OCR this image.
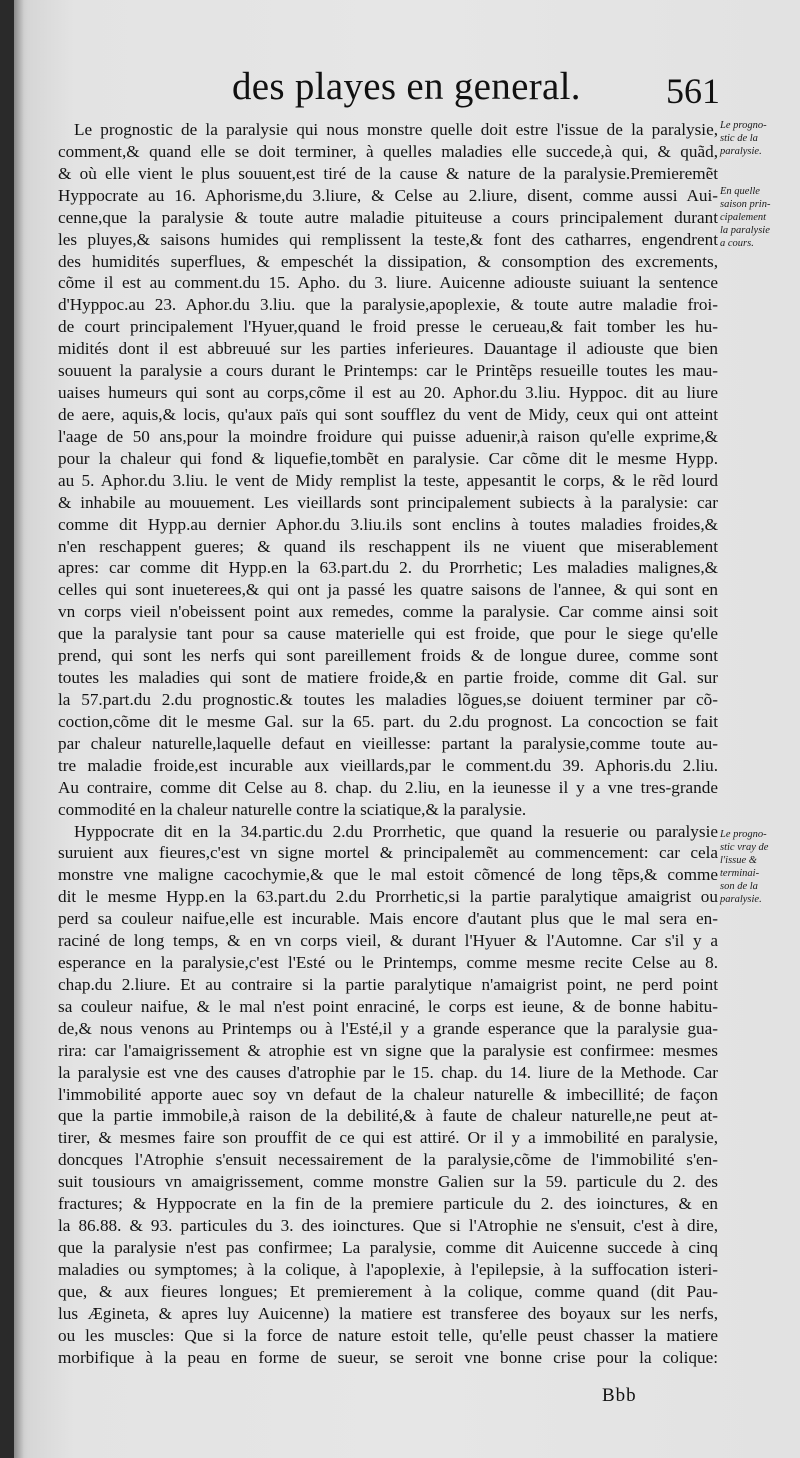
des playes en general. 561

Le prognostic de la paralysie qui nous monstre quelle doit estre l'issue de la paralysie,

comment,& quand elle se doit terminer, à quelles maladies elle succede,à qui, & quãd,

& où elle vient le plus souuent,est tiré de la cause & nature de la paralysie.Premieremẽt

Hyppocrate au 16. Aphorisme,du 3.liure, & Celse au 2.liure, disent, comme aussi Aui-

cenne,que la paralysie & toute autre maladie pituiteuse a cours principalement durant

les pluyes,& saisons humides qui remplissent la teste,& font des catharres, engendrent

des humidités superflues, & empeschét la dissipation, & consomption des excrements,

cõme il est au comment.du 15. Apho. du 3. liure. Auicenne adiouste suiuant la sentence

d'Hyppoc.au 23. Aphor.du 3.liu. que la paralysie,apoplexie, & toute autre maladie froi-

de court principalement l'Hyuer,quand le froid presse le cerueau,& fait tomber les hu-

midités dont il est abbreuué sur les parties inferieures. Dauantage il adiouste que bien

souuent la paralysie a cours durant le Printemps: car le Printẽps resueille toutes les mau-

uaises humeurs qui sont au corps,cõme il est au 20. Aphor.du 3.liu. Hyppoc. dit au liure

de aere, aquis,& locis, qu'aux païs qui sont soufflez du vent de Midy, ceux qui ont atteint

l'aage de 50 ans,pour la moindre froidure qui puisse aduenir,à raison qu'elle exprime,&

pour la chaleur qui fond & liquefie,tombẽt en paralysie. Car cõme dit le mesme Hypp.

au 5. Aphor.du 3.liu. le vent de Midy remplist la teste, appesantit le corps, & le rẽd lourd

& inhabile au mouuement. Les vieillards sont principalement subiects à la paralysie: car

comme dit Hypp.au dernier Aphor.du 3.liu.ils sont enclins à toutes maladies froides,&

n'en reschappent gueres; & quand ils reschappent ils ne viuent que miserablement

apres: car comme dit Hypp.en la 63.part.du 2. du Prorrhetic; Les maladies malignes,&

celles qui sont inueterees,& qui ont ja passé les quatre saisons de l'annee, & qui sont en

vn corps vieil n'obeissent point aux remedes, comme la paralysie. Car comme ainsi soit

que la paralysie tant pour sa cause materielle qui est froide, que pour le siege qu'elle

prend, qui sont les nerfs qui sont pareillement froids & de longue duree, comme sont

toutes les maladies qui sont de matiere froide,& en partie froide, comme dit Gal. sur

la 57.part.du 2.du prognostic.& toutes les maladies lõgues,se doiuent terminer par cõ-

coction,cõme dit le mesme Gal. sur la 65. part. du 2.du prognost. La concoction se fait

par chaleur naturelle,laquelle defaut en vieillesse: partant la paralysie,comme toute au-

tre maladie froide,est incurable aux vieillards,par le comment.du 39. Aphoris.du 2.liu.

Au contraire, comme dit Celse au 8. chap. du 2.liu, en la ieunesse il y a vne tres-grande

commodité en la chaleur naturelle contre la sciatique,& la paralysie.

Hyppocrate dit en la 34.partic.du 2.du Prorrhetic, que quand la resuerie ou paralysie

suruient aux fieures,c'est vn signe mortel & principalemẽt au commencement: car cela

monstre vne maligne cacochymie,& que le mal estoit cõmencé de long tẽps,& comme

dit le mesme Hypp.en la 63.part.du 2.du Prorrhetic,si la partie paralytique amaigrist ou

perd sa couleur naifue,elle est incurable. Mais encore d'autant plus que le mal sera en-

raciné de long temps, & en vn corps vieil, & durant l'Hyuer & l'Automne. Car s'il y a

esperance en la paralysie,c'est l'Esté ou le Printemps, comme mesme recite Celse au 8.

chap.du 2.liure. Et au contraire si la partie paralytique n'amaigrist point, ne perd point

sa couleur naifue, & le mal n'est point enraciné, le corps est ieune, & de bonne habitu-

de,& nous venons au Printemps ou à l'Esté,il y a grande esperance que la paralysie gua-

rira: car l'amaigrissement & atrophie est vn signe que la paralysie est confirmee: mesmes

la paralysie est vne des causes d'atrophie par le 15. chap. du 14. liure de la Methode. Car

l'immobilité apporte auec soy vn defaut de la chaleur naturelle & imbecillité; de façon

que la partie immobile,à raison de la debilité,& à faute de chaleur naturelle,ne peut at-

tirer, & mesmes faire son prouffit de ce qui est attiré. Or il y a immobilité en paralysie,

doncques l'Atrophie s'ensuit necessairement de la paralysie,cõme de l'immobilité s'en-

suit tousiours vn amaigrissement, comme monstre Galien sur la 59. particule du 2. des

fractures; & Hyppocrate en la fin de la premiere particule du 2. des ioinctures, & en

la 86.88. & 93. particules du 3. des ioinctures. Que si l'Atrophie ne s'ensuit, c'est à dire,

que la paralysie n'est pas confirmee; La paralysie, comme dit Auicenne succede à cinq

maladies ou symptomes; à la colique, à l'apoplexie, à l'epilepsie, à la suffocation isteri-

que, & aux fieures longues; Et premierement à la colique, comme quand (dit Pau-

lus Ægineta, & apres luy Auicenne) la matiere est transferee des boyaux sur les nerfs,

ou les muscles: Que si la force de nature estoit telle, qu'elle peust chasser la matiere

morbifique à la peau en forme de sueur, se seroit vne bonne crise pour la colique:

Le progno-
stic de la
paralysie.
En quelle
saison prin-
cipalement
la paralysie
a cours.
Le progno-
stic vray de
l'issue &
terminai-
son de la
paralysie.
Bbb
